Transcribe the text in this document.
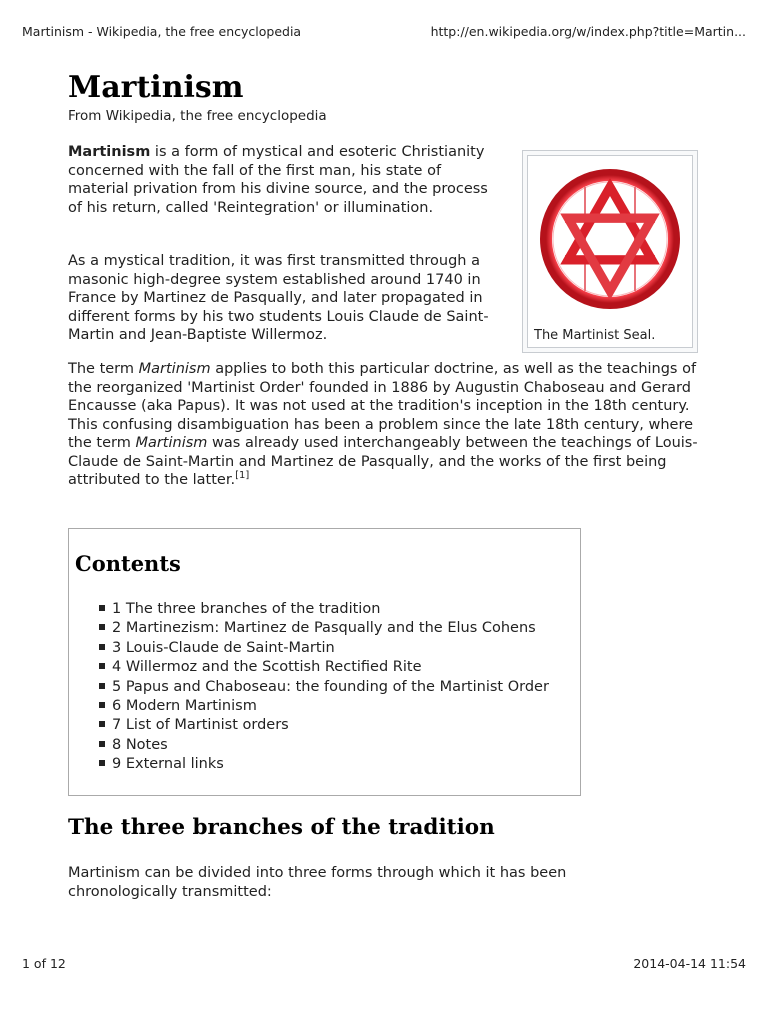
Martinism - Wikipedia, the free encyclopedia	http://en.wikipedia.org/w/index.php?title=Martin...
Martinism
From Wikipedia, the free encyclopedia

Martinism is a form of mystical and esoteric Christianity concerned with the fall of the first man, his state of material privation from his divine source, and the process of his return, called 'Reintegration' or illumination.

As a mystical tradition, it was first transmitted through a masonic high-degree system established around 1740 in France by Martinez de Pasqually, and later propagated in different forms by his two students Louis Claude de Saint-Martin and Jean-Baptiste Willermoz.

The term Martinism applies to both this particular doctrine, as well as the teachings of the reorganized 'Martinist Order' founded in 1886 by Augustin Chaboseau and Gerard Encausse (aka Papus). It was not used at the tradition's inception in the 18th century. This confusing disambiguation has been a problem since the late 18th century, where the term Martinism was already used interchangeably between the teachings of Louis-Claude de Saint-Martin and Martinez de Pasqually, and the works of the first being attributed to the latter.[1]

The Martinist Seal.
Contents
1 The three branches of the tradition
2 Martinezism: Martinez de Pasqually and the Elus Cohens
3 Louis-Claude de Saint-Martin
4 Willermoz and the Scottish Rectified Rite
5 Papus and Chaboseau: the founding of the Martinist Order
6 Modern Martinism
7 List of Martinist orders
8 Notes
9 External links
The three branches of the tradition

Martinism can be divided into three forms through which it has been chronologically transmitted:

1 of 12	2014-04-14 11:54
